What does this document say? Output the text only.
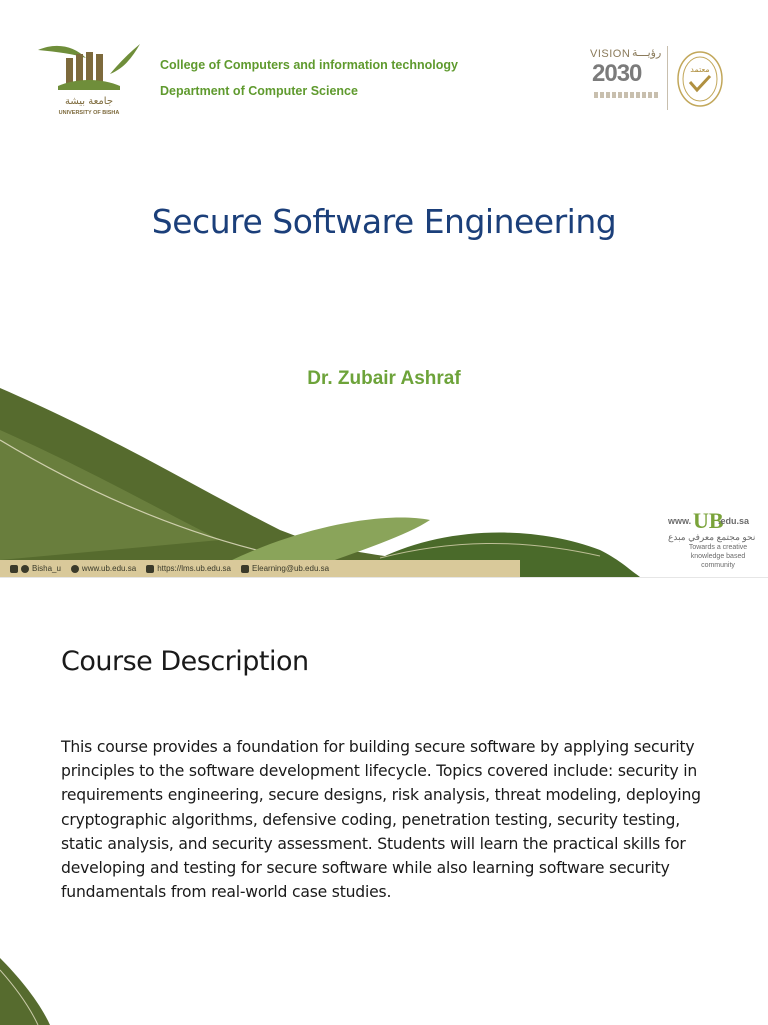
جامعة بيشة
UNIVERSITY OF BISHA
College of Computers and information technology
Department of Computer Science
VISION رؤيـــة
2030	معتمد
Secure Software Engineering
Dr. Zubair Ashraf
www. UB
.edu.sa
نحو مجتمع معرفي مبدع
Towards a creative knowledge based community
Bisha_u	www.ub.edu.sa	https://lms.ub.edu.sa	Elearning@ub.edu.sa
Course Description
This course provides a foundation for building secure software by applying security principles to the software development lifecycle. Topics covered include: security in requirements engineering, secure designs, risk analysis, threat modeling, deploying cryptographic algorithms, defensive coding, penetration testing, security testing, static analysis, and security assessment. Students will learn the practical skills for developing and testing for secure software while also learning software security fundamentals from real-world case studies.
